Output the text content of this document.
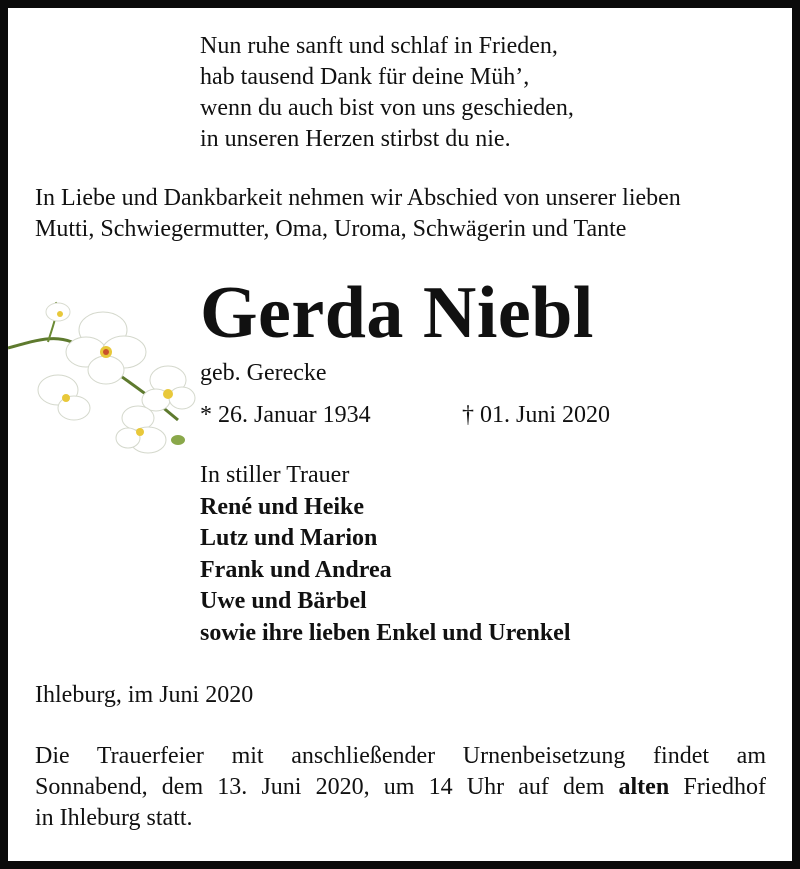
Nun ruhe sanft und schlaf in Frieden,
hab tausend Dank für deine Müh’,
wenn du auch bist von uns geschieden,
in unseren Herzen stirbst du nie.
In Liebe und Dankbarkeit nehmen wir Abschied von unserer lieben
Mutti, Schwiegermutter, Oma, Uroma, Schwägerin und Tante
Gerda Niebl
geb. Gerecke
* 26. Januar 1934	† 01. Juni 2020
In stiller Trauer
René und Heike
Lutz und Marion
Frank und Andrea
Uwe und Bärbel
sowie ihre lieben Enkel und Urenkel
Ihleburg, im Juni 2020
Die Trauerfeier mit anschließender Urnenbeisetzung findet am
Sonnabend, dem 13. Juni 2020, um 14 Uhr auf dem alten Friedhof
in Ihleburg statt.
